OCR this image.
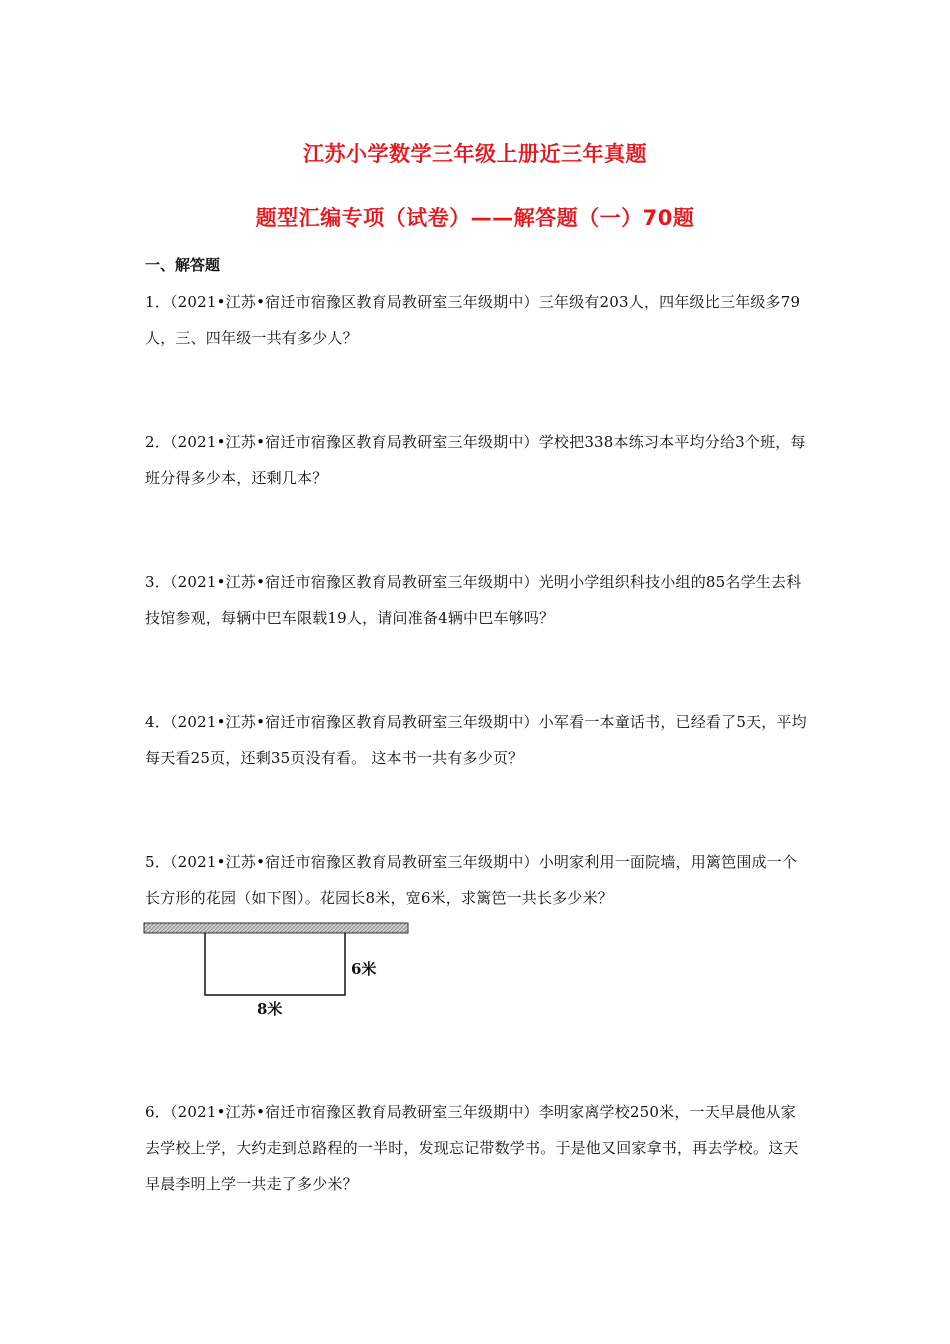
江苏小学数学三年级上册近三年真题
题型汇编专项（试卷）——解答题（一）70题
一、解答题
1．（2021•江苏•宿迁市宿豫区教育局教研室三年级期中）三年级有203人，四年级比三年级多79人，三、四年级一共有多少人？
2．（2021•江苏•宿迁市宿豫区教育局教研室三年级期中）学校把338本练习本平均分给3个班，每班分得多少本，还剩几本？
3．（2021•江苏•宿迁市宿豫区教育局教研室三年级期中）光明小学组织科技小组的85名学生去科技馆参观，每辆中巴车限载19人，请问准备4辆中巴车够吗？
4．（2021•江苏•宿迁市宿豫区教育局教研室三年级期中）小军看一本童话书，已经看了5天，平均每天看25页，还剩35页没有看。 这本书一共有多少页？
5．（2021•江苏•宿迁市宿豫区教育局教研室三年级期中）小明家利用一面院墙，用篱笆围成一个长方形的花园（如下图）。花园长8米，宽6米，求篱笆一共长多少米？
6米
8米
6．（2021•江苏•宿迁市宿豫区教育局教研室三年级期中）李明家离学校250米，一天早晨他从家去学校上学，大约走到总路程的一半时，发现忘记带数学书。于是他又回家拿书，再去学校。这天早晨李明上学一共走了多少米？
